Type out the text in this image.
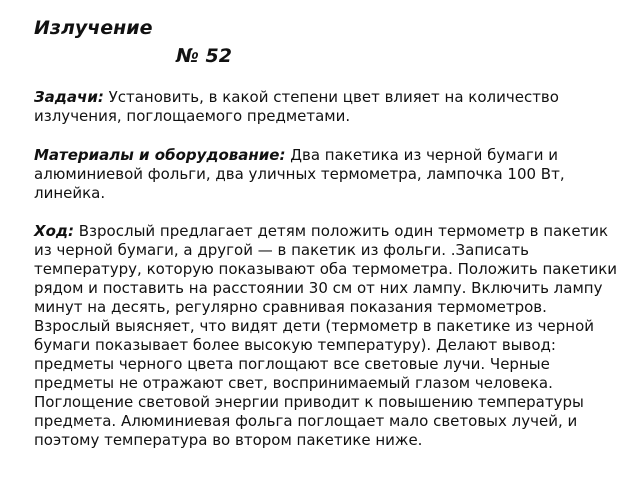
Излучение
№ 52

Задачи: Установить, в какой степени цвет влияет на количество излучения, поглощаемого предметами.

Материалы и оборудование: Два пакетика из черной бумаги и алюминиевой фольги, два уличных термометра, лампочка 100 Вт, линейка.

Ход: Взрослый предлагает детям положить один термометр в пакетик из черной бумаги, а другой — в пакетик из фольги. .Записать температуру, которую показывают оба термометра. Положить пакетики рядом и поставить на расстоянии 30 см от них лампу. Включить лампу минут на десять, регулярно сравнивая показания термометров. Взрослый выясняет, что видят дети (термометр в пакетике из черной бумаги показывает более высокую температуру). Делают вывод: предметы черного цвета поглощают все световые лучи. Черные предметы не отражают свет, воспринимаемый глазом человека. Поглощение световой энергии приводит к повышению температуры предмета. Алюминиевая фольга поглощает мало световых лучей, и поэтому температура во втором пакетике ниже.
